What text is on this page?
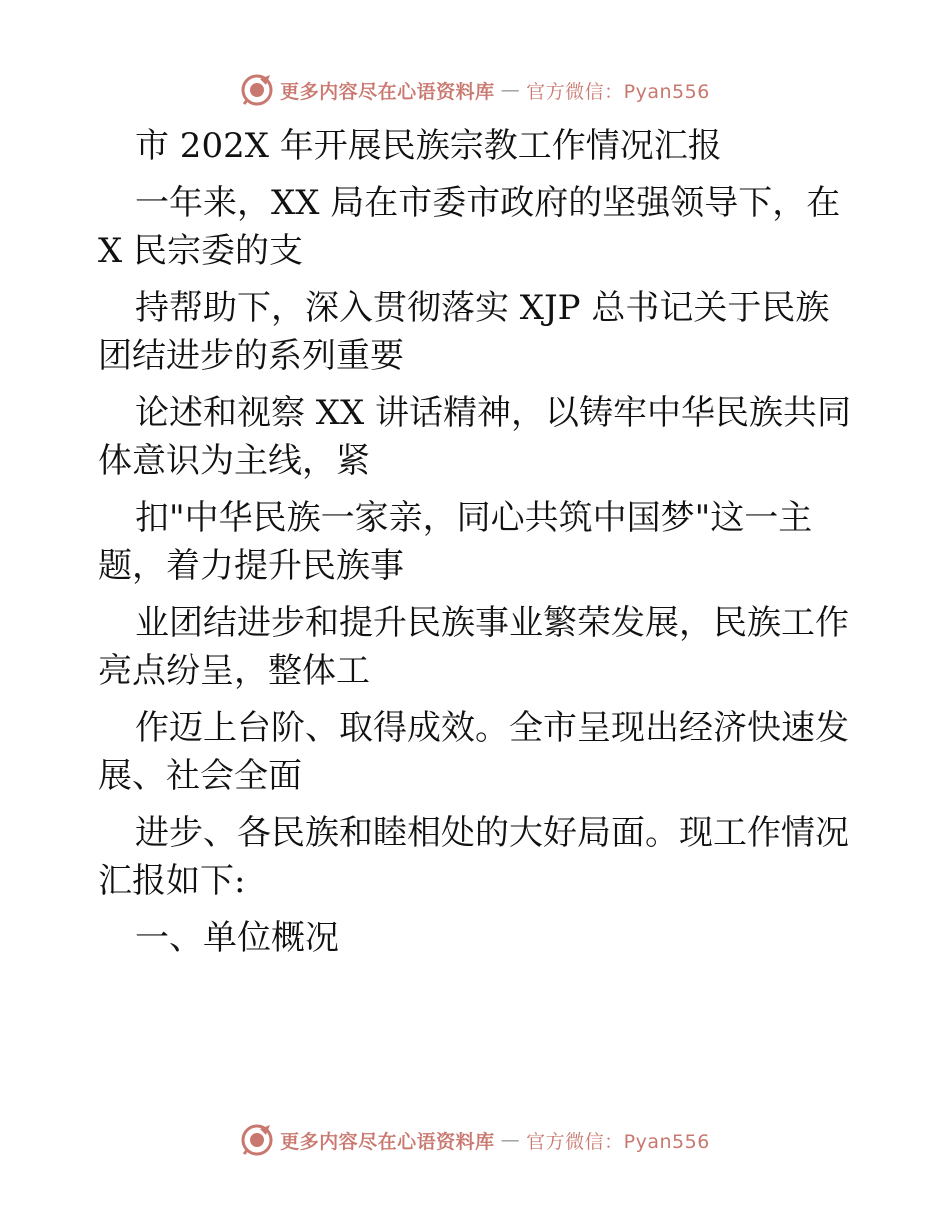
更多内容尽在心语资料库 — 官方微信：Pyan556

市 202X 年开展民族宗教工作情况汇报

一年来，XX 局在市委市政府的坚强领导下，在

X 民宗委的支

持帮助下，深入贯彻落实 XJP 总书记关于民族

团结进步的系列重要

论述和视察 XX 讲话精神，以铸牢中华民族共同

体意识为主线，紧

扣"中华民族一家亲，同心共筑中国梦"这一主

题，着力提升民族事

业团结进步和提升民族事业繁荣发展，民族工作

亮点纷呈，整体工

作迈上台阶、取得成效。全市呈现出经济快速发

展、社会全面

进步、各民族和睦相处的大好局面。现工作情况

汇报如下:

一、单位概况

更多内容尽在心语资料库 — 官方微信：Pyan556
